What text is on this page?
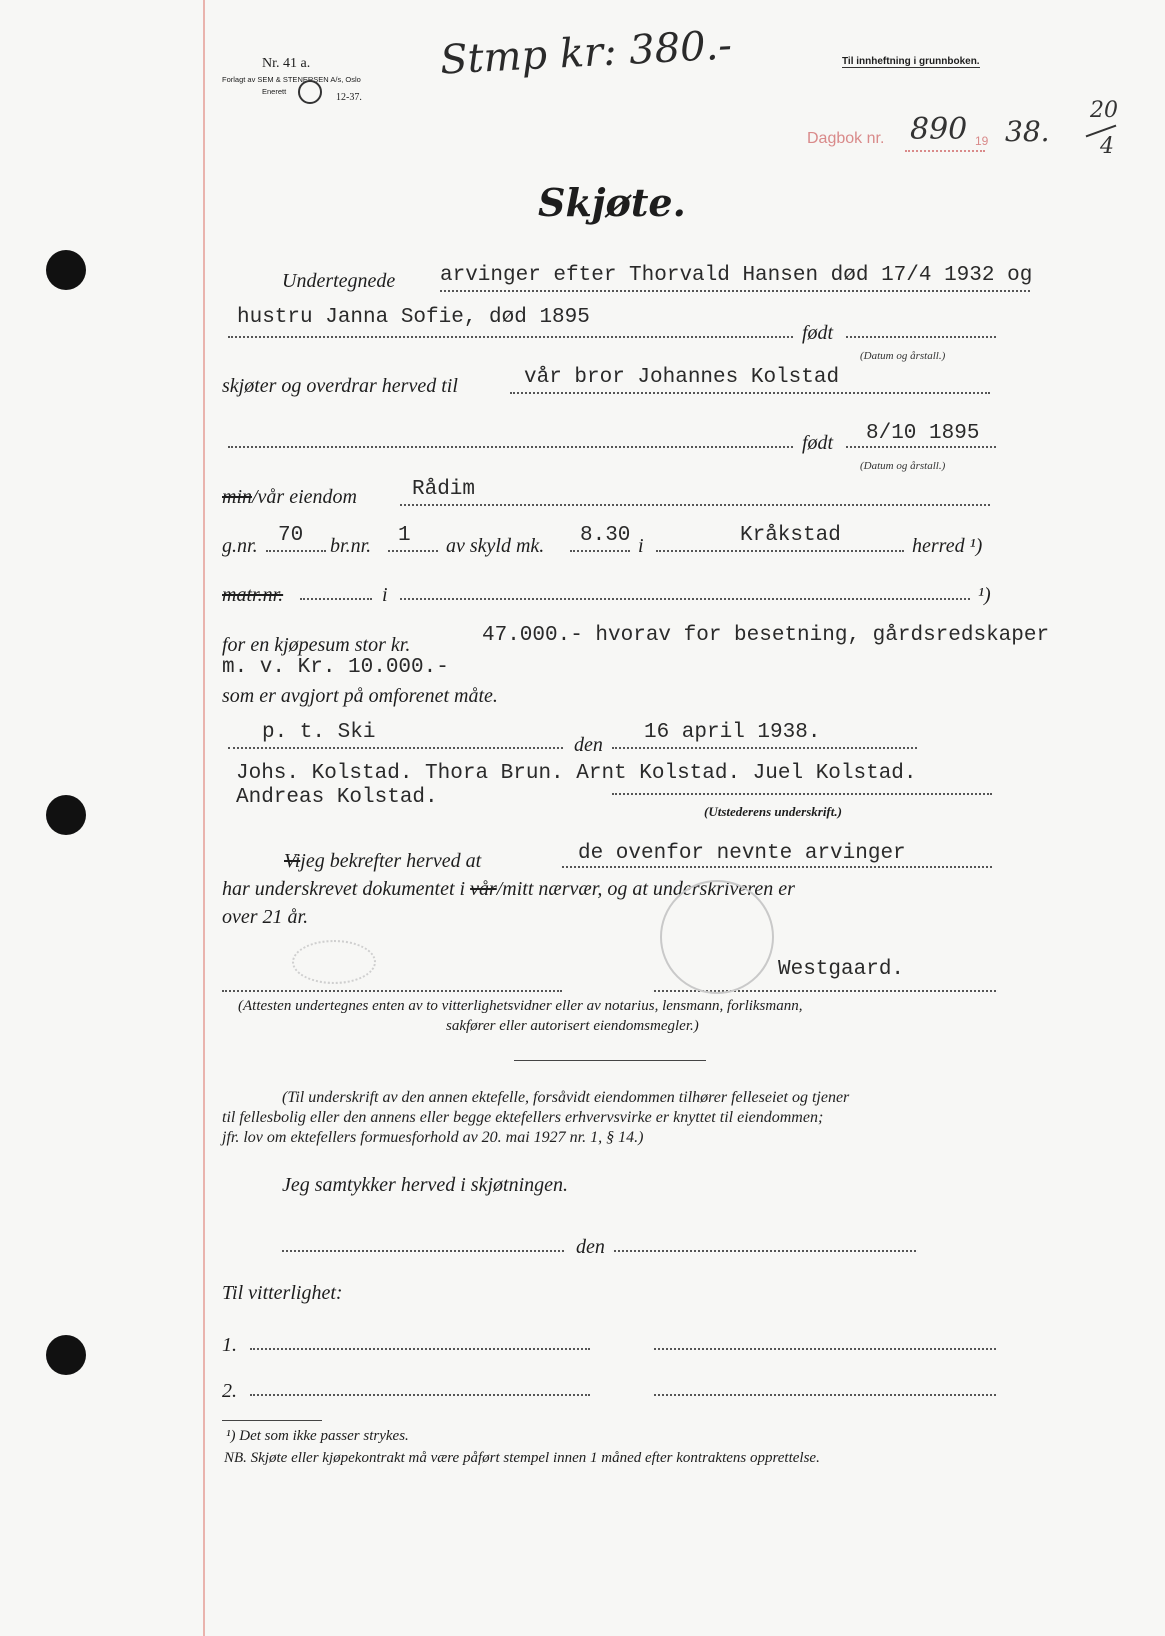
Nr. 41 a.
Forlagt av SEM & STENERSEN A/s, Oslo
Enerett
12-37.
Stmp kr: 380.-	Til innheftning i grunnboken.
Dagbok nr. 890 19 38.
20
4
Skjøte.
Undertegnede arvinger efter Thorvald Hansen død 17/4 1932 og
hustru Janna Sofie, død 1895
født
(Datum og årstall.)
skjøter og overdrar herved til	vår bror Johannes Kolstad
født 8/10 1895
(Datum og årstall.)
min/vår eiendom	Rådim
g.nr. 70 br.nr. 1 av skyld mk. 8.30 i	Kråkstad	herred ¹)
matr.nr.	i	¹)
for en kjøpesum stor kr.	47.000.- hvorav for besetning, gårdsredskaper
m. v. Kr. 10.000.-
som er avgjort på omforenet måte.
p. t. Ski
den
16 april 1938.
Johs. Kolstad. Thora Brun. Arnt Kolstad. Juel Kolstad.
Andreas Kolstad.
(Utstederens underskrift.)
Vijeg bekrefter herved at	de ovenfor nevnte arvinger
har underskrevet dokumentet i vår/mitt nærvær, og at underskriveren er
over 21 år.
Westgaard.
(Attesten undertegnes enten av to vitterlighetsvidner eller av notarius, lensmann, forliksmann,
sakfører eller autorisert eiendomsmegler.)
(Til underskrift av den annen ektefelle, forsåvidt eiendommen tilhører felleseiet og tjener
til fellesbolig eller den annens eller begge ektefellers erhvervsvirke er knyttet til eiendommen;
jfr. lov om ektefellers formuesforhold av 20. mai 1927 nr. 1, § 14.)
Jeg samtykker herved i skjøtningen.
den
Til vitterlighet:
1.
2.
¹) Det som ikke passer strykes.
NB. Skjøte eller kjøpekontrakt må være påført stempel innen 1 måned efter kontraktens opprettelse.
